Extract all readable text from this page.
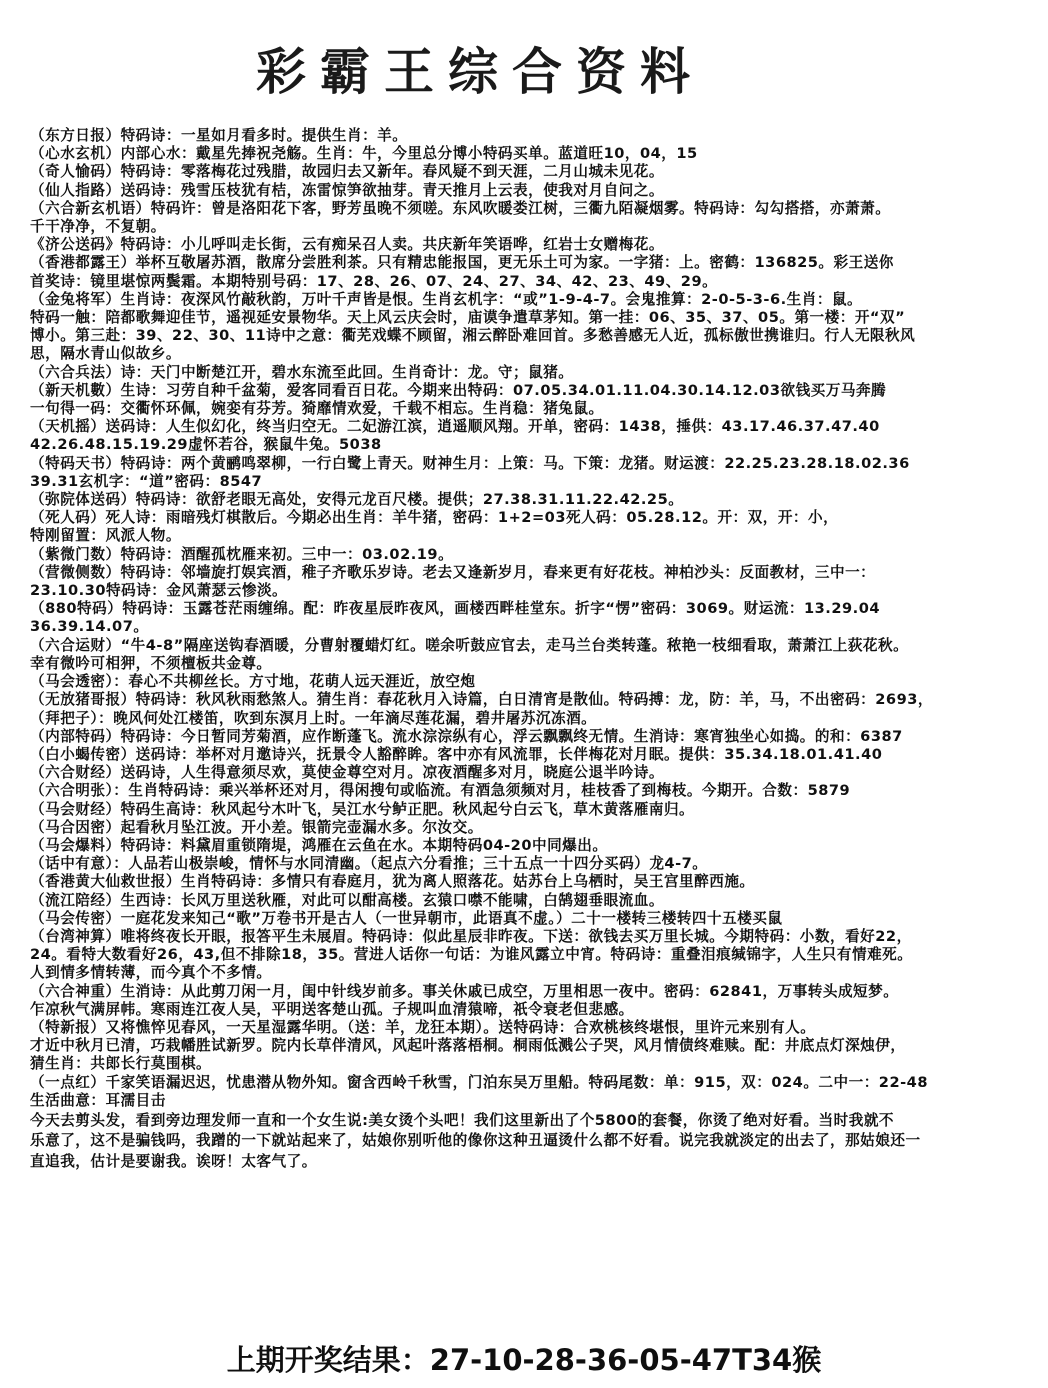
彩霸王综合资料
（东方日报）特码诗：一星如月看多时。提供生肖：羊。
（心水玄机）内部心水：戴星先捧祝尧觞。生肖：牛，今里总分博小特码买单。蓝道旺10，04，15
（奇人愉码）特码诗：零落梅花过残腊，故园归去又新年。春风疑不到天涯，二月山城未见花。
（仙人指路）送码诗：残雪压枝犹有桔，冻雷惊笋欲抽芽。青天推月上云表，使我对月自问之。
（六合新玄机语）特码许：曾是洛阳花下客，野芳虽晚不须嗟。东风吹暖娄江树，三衢九陌凝烟雾。特码诗：勾勾搭搭，亦萧萧。
千干净净，不复朝。
《济公送码》特码诗：小儿呼叫走长街，云有痴呆召人卖。共庆新年笑语哗，红岩士女赠梅花。
（香港都露王）举杯互敬屠苏酒，散席分尝胜利茶。只有精忠能报国，更无乐土可为家。一字猪：上。密鹤：136825。彩王送你
首奖诗：镜里堪惊两鬓霜。本期特别号码：17、28、26、07、24、27、34、42、23、49、29。
（金兔将军）生肖诗：夜深风竹敲秋韵，万叶千声皆是恨。生肖玄机字：“或”1-9-4-7。会鬼推算：2-0-5-3-6.生肖：鼠。
特码一触：陪都歌舞迎佳节，遥视延安景物华。天上风云庆会时，庙谟争遣草茅知。第一挂：06、35、37、05。第一楼：开“双”
博小。第三赴：39、22、30、11诗中之意：衢芜戏蝶不顾留，湘云醉卧难回首。多愁善感无人近，孤标傲世携谁归。行人无限秋风
思，隔水青山似故乡。
（六合兵法）诗：天门中断楚江开，碧水东流至此回。生肖奇计：龙。守；鼠猪。
（新天机數）生诗：习劳自种千盆菊，爱客同看百日花。今期来出特码：07.05.34.01.11.04.30.14.12.03欲钱买万马奔腾
一句得一码：交衢怀环佩，婉娈有芬芳。猗靡情欢爱，千载不相忘。生肖稳：猪兔鼠。
（天机摇）送码诗：人生似幻化，终当归空无。二妃游江滨，逍遥顺风翔。开单，密码：1438，捶供：43.17.46.37.47.40
42.26.48.15.19.29虚怀若谷，猴鼠牛兔。5038
（特码天书）特码诗：两个黄鹂鸣翠柳，一行白鹭上青天。财神生月：上策：马。下策：龙猪。财运渡：22.25.23.28.18.02.36
39.31玄机字：“道”密码：8547
（弥院体送码）特码诗：欲舒老眼无高处，安得元龙百尺楼。提供；27.38.31.11.22.42.25。
（死人码）死人诗：雨暗残灯棋散后。今期必出生肖：羊牛猪，密码：1+2=03死人码：05.28.12。开：双，开：小，
特刚留置：风派人物。
（紫微门数）特码诗：酒醒孤枕雁来初。三中一：03.02.19。
（营微侧数）特码诗：邻墙旋打娱宾酒，稚子齐歌乐岁诗。老去又逢新岁月，春来更有好花枝。神柏沙头：反面教材，三中一：
23.10.30特码诗：金风萧瑟云惨淡。
（880特码）特码诗：玉露苍茫雨缠绵。配：昨夜星辰昨夜风，画楼西畔桂堂东。折字“愣”密码：3069。财运流：13.29.04
36.39.14.07。
（六合运财）“牛4-8”隔座送钩春酒暖，分曹射覆蜡灯红。嗟余听鼓应官去，走马兰台类转蓬。秾艳一枝细看取，萧萧江上荻花秋。
幸有微吟可相狎，不须檀板共金尊。
（马会透密）：春心不共柳丝长。方寸地，花萌人远天涯近，放空炮
（无放猪哥报）特码诗：秋风秋雨愁煞人。猜生肖：春花秋月入诗篇，白日清宵是散仙。特码搏：龙，防：羊，马，不出密码：2693，
（拜把子）：晚风何处江楼笛，吹到东溟月上时。一年滴尽莲花漏，碧井屠苏沉冻酒。
（内部特码）特码诗：今日暂同芳菊酒，应作断蓬飞。流水淙淙纵有心，浮云飘飘终无情。生消诗：寒宵独坐心如捣。的和：6387
（白小蝎传密）送码诗：举杯对月邀诗兴，抚景令人豁醉眸。客中亦有风流罪，长伴梅花对月眠。提供：35.34.18.01.41.40
（六合财经）送码诗，人生得意须尽欢，莫使金尊空对月。凉夜酒醒多对月，晓庭公退半吟诗。
（六合明张）：生肖特码诗：乘兴举杯还对月，得闲搜句或临流。有酒急须频对月，桂枝香了到梅枝。今期开。合数：5879
（马会财经）特码生高诗：秋风起兮木叶飞，吴江水兮鲈正肥。秋风起兮白云飞，草木黄落雁南归。
（马合因密）起看秋月坠江波。开小差。银箭完壶漏水多。尔汝交。
（马会爆料）特码诗：料黛眉重锁隋堤，鸿雁在云鱼在水。本期特码04-20中同爆出。
（话中有意）：人品若山极崇峻，情怀与水同清幽。（起点六分看推；三十五点一十四分买码）龙4-7。
（香港黄大仙救世报）生肖特码诗：多情只有春庭月，犹为离人照落花。姑苏台上乌栖时，吴王宫里醉西施。
（流江陪经）生西诗：长风万里送秋雁，对此可以酣高楼。玄猿口噤不能啸，白鹄翅垂眼流血。
（马会传密）一庭花发来知己“歌”万卷书开是古人（一世异朝市，此语真不虚。）二十一楼转三楼转四十五楼买鼠
（台湾神算）唯将终夜长开眼，报答平生未展眉。特码诗：似此星辰非昨夜。下送：欲钱去买万里长城。今期特码：小数，看好22，
24。看特大数看好26，43,但不排除18，35。营进人话你一句话：为谁风露立中宵。特码诗：重叠泪痕缄锦字，人生只有情难死。
人到情多情转薄，而今真个不多情。
（六合神重）生消诗：从此剪刀闲一月，闺中针线岁前多。事关休戚已成空，万里相思一夜中。密码：62841，万事转头成短梦。
乍凉秋气满屏帏。寒雨连江夜人吴，平明送客楚山孤。子规叫血清猿啼，祇令衰老但悲感。
（特新报）又将憔悴见春风，一天星湿露华明。（送：羊，龙狂本期）。送特码诗：合欢桃核终堪恨，里许元来别有人。
才近中秋月已清，巧栽幡胜试新罗。院内长草伴清风，风起叶落落梧桐。桐雨低溅公子哭，风月情债终难赎。配：井底点灯深烛伊，
猜生肖：共郎长行莫围棋。
（一点红）千家笑语漏迟迟，忧患潜从物外知。窗含西岭千秋雪，门泊东吴万里船。特码尾数：单：915，双：024。二中一：22-48
生活曲意：耳濡目击
今天去剪头发，看到旁边理发师一直和一个女生说:美女烫个头吧！我们这里新出了个5800的套餐，你烫了绝对好看。当时我就不
乐意了，这不是骗钱吗，我蹭的一下就站起来了，姑娘你别听他的像你这种丑逼烫什么都不好看。说完我就淡定的出去了，那姑娘还一
直追我，估计是要谢我。诶呀！太客气了。
上期开奖结果：27-10-28-36-05-47T34猴
